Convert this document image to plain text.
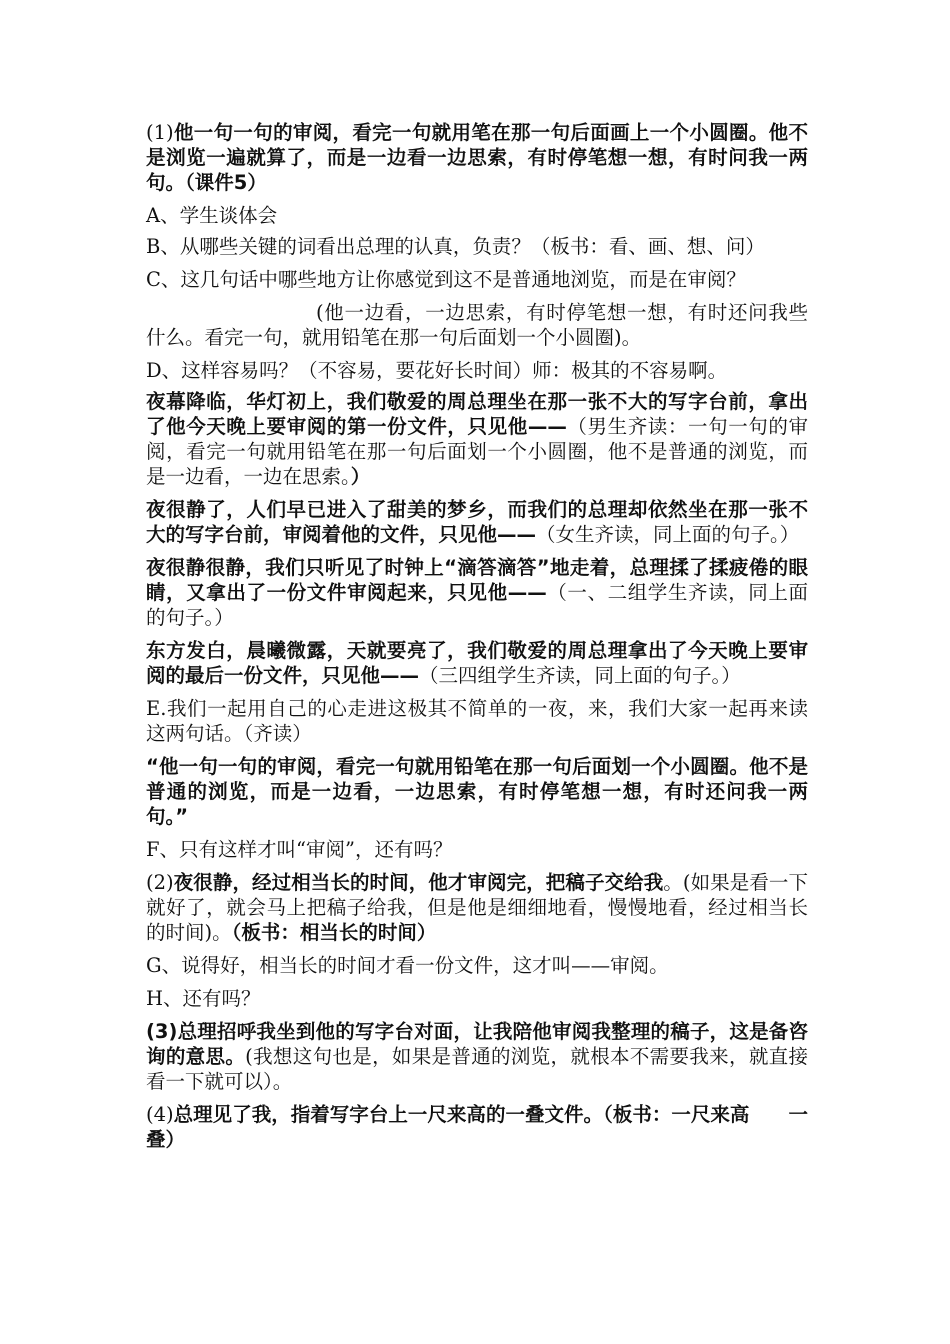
(1)他一句一句的审阅，看完一句就用笔在那一句后面画上一个小圆圈。他不是浏览一遍就算了，而是一边看一边思索，有时停笔想一想，有时问我一两句。（课件5）

A、学生谈体会

B、从哪些关键的词看出总理的认真，负责？（板书：看、画、想、问）

C、这几句话中哪些地方让你感觉到这不是普通地浏览，而是在审阅？

(他一边看，一边思索，有时停笔想一想，有时还问我些什么。看完一句，就用铅笔在那一句后面划一个小圆圈)。

D、这样容易吗？（不容易，要花好长时间）师：极其的不容易啊。

夜幕降临，华灯初上，我们敬爱的周总理坐在那一张不大的写字台前，拿出了他今天晚上要审阅的第一份文件，只见他——（男生齐读：一句一句的审阅，看完一句就用铅笔在那一句后面划一个小圆圈，他不是普通的浏览，而是一边看，一边在思索。）

夜很静了，人们早已进入了甜美的梦乡，而我们的总理却依然坐在那一张不大的写字台前，审阅着他的文件，只见他——（女生齐读，同上面的句子。）

夜很静很静，我们只听见了时钟上“滴答滴答”地走着，总理揉了揉疲倦的眼睛，又拿出了一份文件审阅起来，只见他——（一、二组学生齐读，同上面的句子。）

东方发白，晨曦微露，天就要亮了，我们敬爱的周总理拿出了今天晚上要审阅的最后一份文件，只见他——（三四组学生齐读，同上面的句子。）

E.我们一起用自己的心走进这极其不简单的一夜，来，我们大家一起再来读这两句话。（齐读）

“他一句一句的审阅，看完一句就用铅笔在那一句后面划一个小圆圈。他不是普通的浏览，而是一边看，一边思索，有时停笔想一想，有时还问我一两句。”

F、只有这样才叫“审阅”，还有吗？

(2)夜很静，经过相当长的时间，他才审阅完，把稿子交给我。(如果是看一下就好了，就会马上把稿子给我，但是他是细细地看，慢慢地看，经过相当长的时间)。（板书：相当长的时间）

G、说得好，相当长的时间才看一份文件，这才叫——审阅。

H、还有吗？

(3)总理招呼我坐到他的写字台对面，让我陪他审阅我整理的稿子，这是备咨询的意思。(我想这句也是，如果是普通的浏览，就根本不需要我来，就直接看一下就可以）。

(4)总理见了我，指着写字台上一尺来高的一叠文件。（板书：一尺来高　　一叠）
